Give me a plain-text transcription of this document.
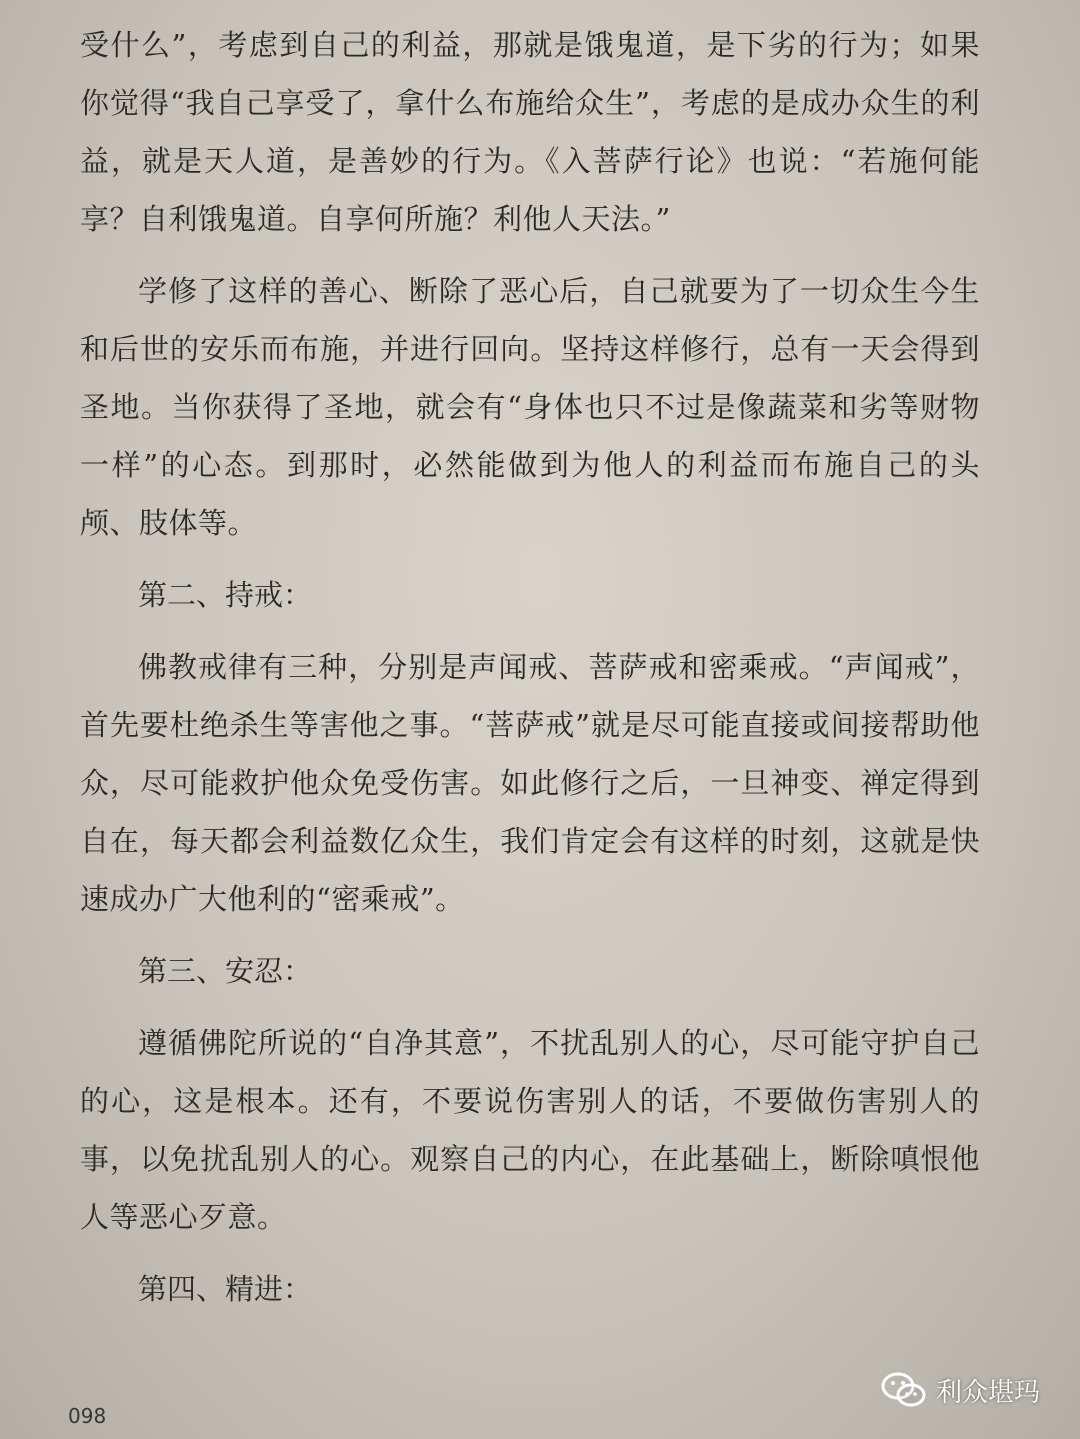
受什么”，考虑到自己的利益，那就是饿鬼道，是下劣的行为；如果你觉得“我自己享受了，拿什么布施给众生”，考虑的是成办众生的利益，就是天人道，是善妙的行为。《入菩萨行论》也说：“若施何能享？自利饿鬼道。自享何所施？利他人天法。”

学修了这样的善心、断除了恶心后，自己就要为了一切众生今生和后世的安乐而布施，并进行回向。坚持这样修行，总有一天会得到圣地。当你获得了圣地，就会有“身体也只不过是像蔬菜和劣等财物一样”的心态。到那时，必然能做到为他人的利益而布施自己的头颅、肢体等。

第二、持戒：

佛教戒律有三种，分别是声闻戒、菩萨戒和密乘戒。“声闻戒”，首先要杜绝杀生等害他之事。“菩萨戒”就是尽可能直接或间接帮助他众，尽可能救护他众免受伤害。如此修行之后，一旦神变、禅定得到自在，每天都会利益数亿众生，我们肯定会有这样的时刻，这就是快速成办广大他利的“密乘戒”。

第三、安忍：

遵循佛陀所说的“自净其意”，不扰乱别人的心，尽可能守护自己的心，这是根本。还有，不要说伤害别人的话，不要做伤害别人的事，以免扰乱别人的心。观察自己的内心，在此基础上，断除嗔恨他人等恶心歹意。

第四、精进：

098
利众堪玛
